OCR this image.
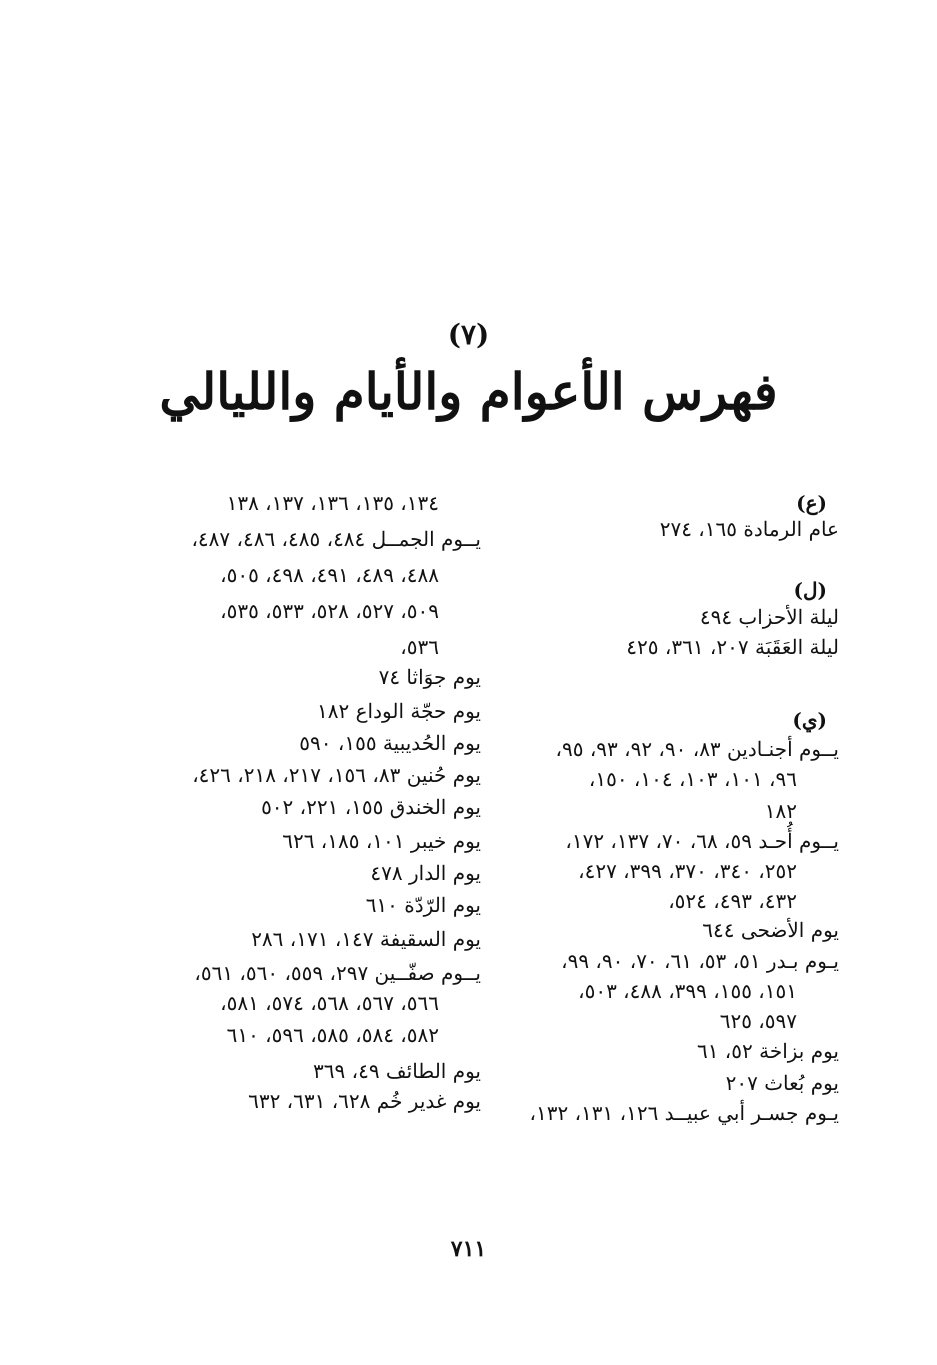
(٧)
فهرس الأعوام والأيام والليالي
(ع)
عام الرمادة ١٦٥، ٢٧٤
(ل)
ليلة الأحزاب ٤٩٤
ليلة العَقَبَة ٢٠٧، ٣٦١، ٤٢٥
(ي)
يــوم أجنـادين ٨٣، ٩٠، ٩٢، ٩٣، ٩٥،
٩٦، ١٠١، ١٠٣، ١٠٤، ١٥٠،
١٨٢
يــوم أُحـد ٥٩، ٦٨، ٧٠، ١٣٧، ١٧٢،
٢٥٢، ٣٤٠، ٣٧٠، ٣٩٩، ٤٢٧،
٤٣٢، ٤٩٣، ٥٢٤،
يوم الأضحى ٦٤٤
يـوم بـدر ٥١، ٥٣، ٦١، ٧٠، ٩٠، ٩٩،
١٥١، ١٥٥، ٣٩٩، ٤٨٨، ٥٠٣،
٥٩٧، ٦٢٥
يوم بزاخة ٥٢، ٦١
يوم بُعاث ٢٠٧
يـوم جسـر أبي عبيــد ١٢٦، ١٣١، ١٣٢،
١٣٤، ١٣٥، ١٣٦، ١٣٧، ١٣٨
يــوم الجمــل ٤٨٤، ٤٨٥، ٤٨٦، ٤٨٧،
٤٨٨، ٤٨٩، ٤٩١، ٤٩٨، ٥٠٥،
٥٠٩، ٥٢٧، ٥٢٨، ٥٣٣، ٥٣٥،
٥٣٦،
يوم جوَاثا ٧٤
يوم حجّة الوداع ١٨٢
يوم الحُديبية ١٥٥، ٥٩٠
يوم حُنين ٨٣، ١٥٦، ٢١٧، ٢١٨، ٤٢٦،
يوم الخندق ١٥٥، ٢٢١، ٥٠٢
يوم خيبر ١٠١، ١٨٥، ٦٢٦
يوم الدار ٤٧٨
يوم الرّدّة ٦١٠
يوم السقيفة ١٤٧، ١٧١، ٢٨٦
يــوم صفّــين ٢٩٧، ٥٥٩، ٥٦٠، ٥٦١،
٥٦٦، ٥٦٧، ٥٦٨، ٥٧٤، ٥٨١،
٥٨٢، ٥٨٤، ٥٨٥، ٥٩٦، ٦١٠
يوم الطائف ٤٩، ٣٦٩
يوم غدير خُم ٦٢٨، ٦٣١، ٦٣٢
٧١١
